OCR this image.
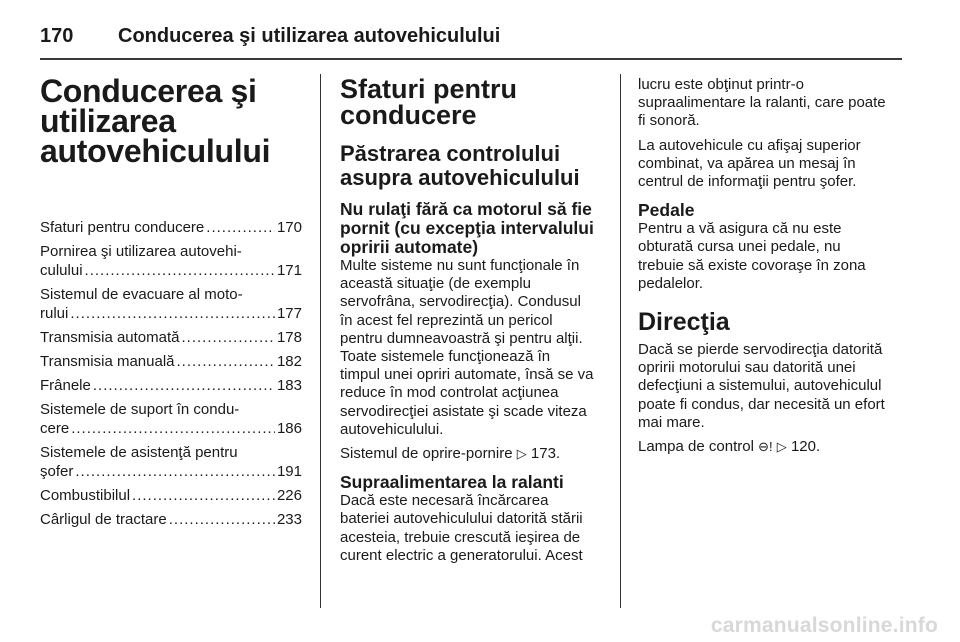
170	Conducerea şi utilizarea autovehiculului
Conducerea şi
utilizarea
autovehiculului
Sfaturi pentru conducere .....	170
Pornirea şi utilizarea autovehi-
culului .....	171
Sistemul de evacuare al moto-
rului .....	177
Transmisia automată .....	178
Transmisia manuală .....	182
Frânele .....	183
Sistemele de suport în condu-
cere .....	186
Sistemele de asistenţă pentru
şofer .....	191
Combustibilul .....	226
Cârligul de tractare .....	233
Sfaturi pentru
conducere
Păstrarea controlului
asupra autovehiculului
Nu rulaţi fără ca motorul să fie
pornit (cu excepţia intervalului
opririi automate)
Multe sisteme nu sunt funcţionale în
această situaţie (de exemplu
servofrâna, servodirecţia). Condusul
în acest fel reprezintă un pericol
pentru dumneavoastră şi pentru alţii.
Toate sistemele funcţionează în
timpul unei opriri automate, însă se va
reduce în mod controlat acţiunea
servodirecţiei asistate şi scade viteza
autovehiculului.
Sistemul de oprire-pornire ▷ 173.
Supraalimentarea la ralanti
Dacă este necesară încărcarea
bateriei autovehiculului datorită stării
acesteia, trebuie crescută ieşirea de
curent electric a generatorului. Acest
lucru este obţinut printr-o
supraalimentare la ralanti, care poate
fi sonoră.
La autovehicule cu afişaj superior
combinat, va apărea un mesaj în
centrul de informaţii pentru şofer.
Pedale
Pentru a vă asigura că nu este
obturată cursa unei pedale, nu
trebuie să existe covoraşe în zona
pedalelor.
Direcţia
Dacă se pierde servodirecţia datorită
opririi motorului sau datorită unei
defecţiuni a sistemului, autovehiculul
poate fi condus, dar necesită un efort
mai mare.
Lampa de control ⊖! ▷ 120.
carmanualsonline.info
